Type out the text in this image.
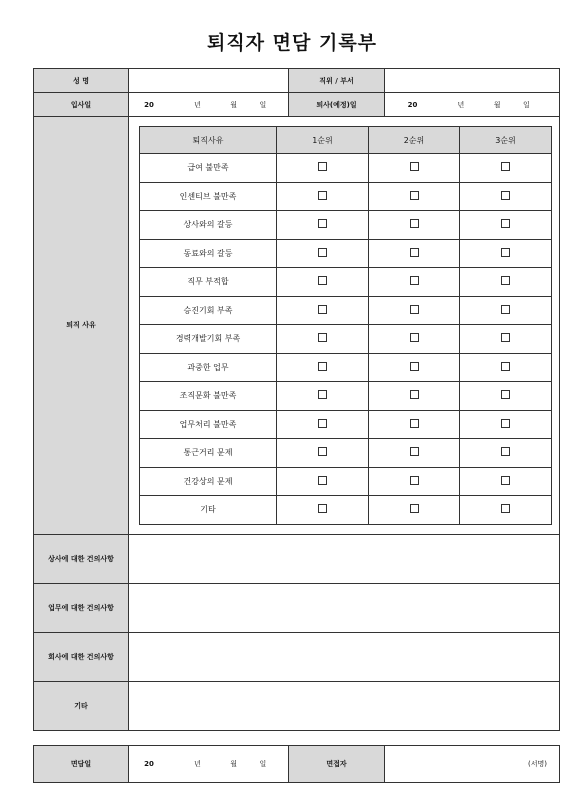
퇴직자 면담 기록부
성 명		직위 / 부서	
입사일	20	년	월	일	퇴사(예정)일	20	년	월	일
퇴직 사유	
퇴직사유	1순위	2순위	3순위
급여 불만족			
인센티브 불만족			
상사와의 갈등			
동료와의 갈등			
직무 부적합			
승진기회 부족			
경력개발기회 부족			
과중한 업무			
조직문화 불만족			
업무처리 불만족			
통근거리 문제			
건강상의 문제			
기타			

상사에 대한 건의사항	
업무에 대한 건의사항	
회사에 대한 건의사항	
기타	
면담일	20	년	월	일	면접자	(서명)
